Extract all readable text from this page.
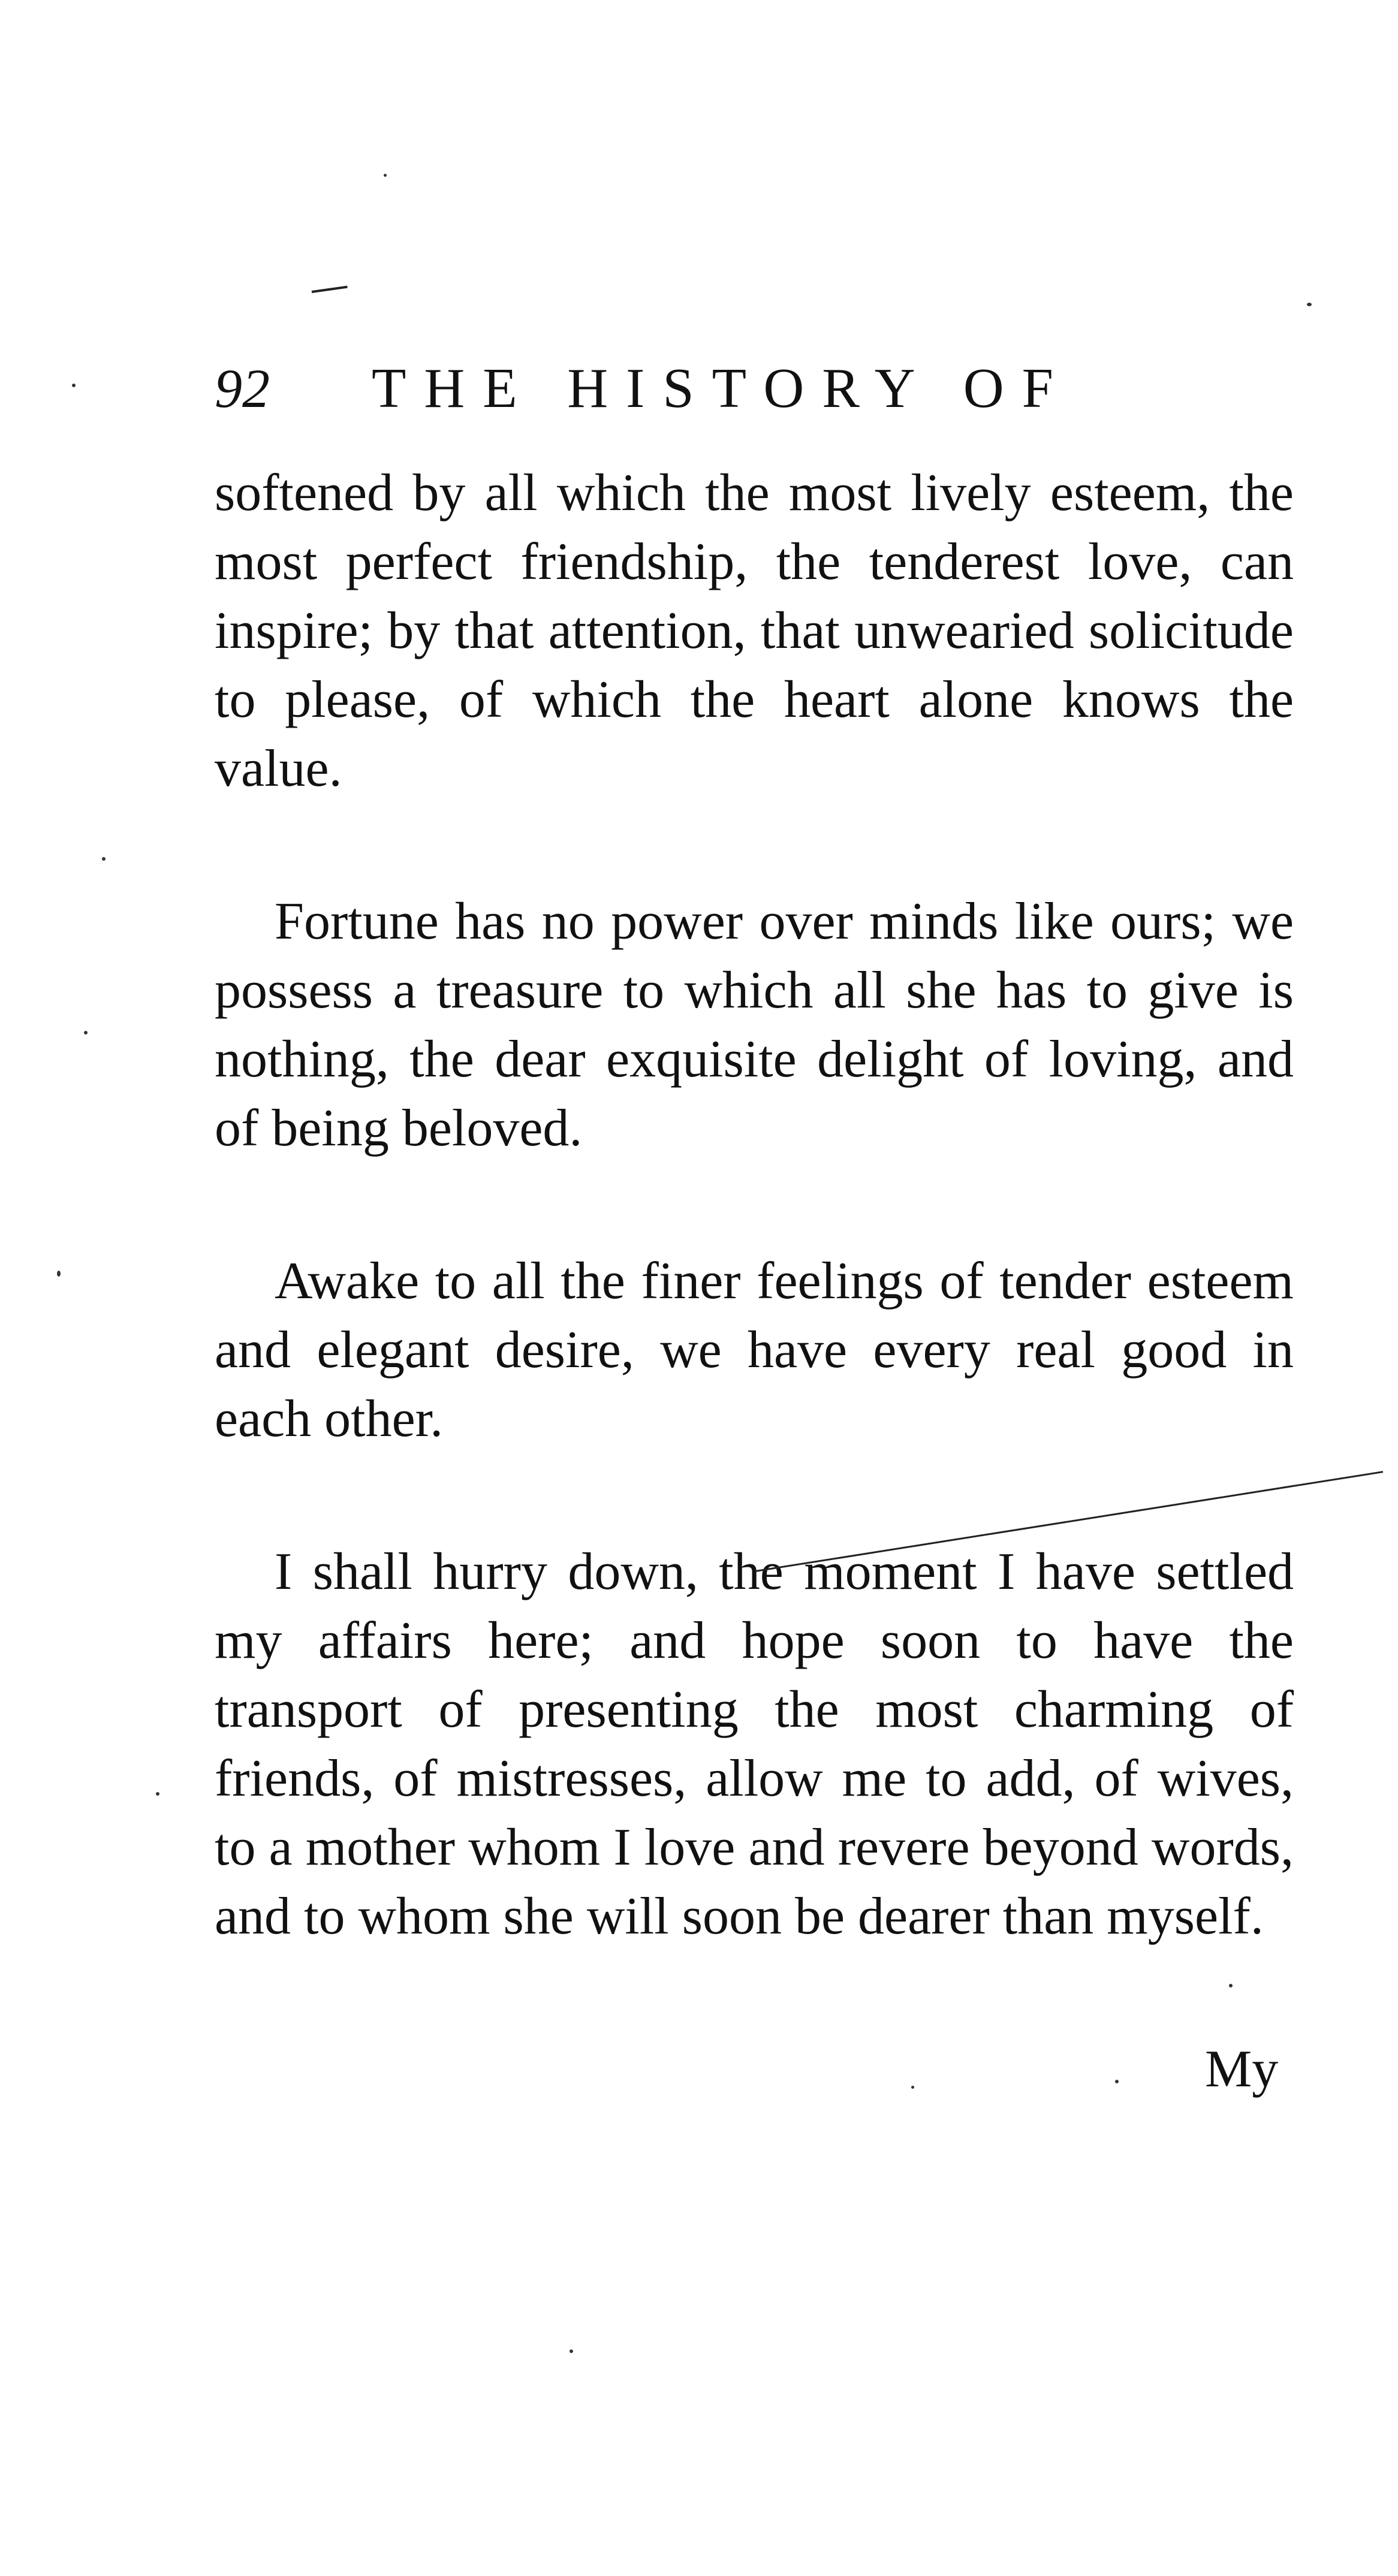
92 THE HISTORY OF

softened by all which the most lively esteem, the most perfect friendship, the tenderest love, can inspire; by that attention, that unwearied solicitude to please, of which the heart alone knows the value.

Fortune has no power over minds like ours; we possess a treasure to which all she has to give is nothing, the dear exquisite delight of loving, and of being beloved.

Awake to all the finer feelings of tender esteem and elegant desire, we have every real good in each other.

I shall hurry down, the moment I have settled my affairs here; and hope soon to have the transport of presenting the most charming of friends, of mistresses, allow me to add, of wives, to a mother whom I love and revere beyond words, and to whom she will soon be dearer than myself.

My
